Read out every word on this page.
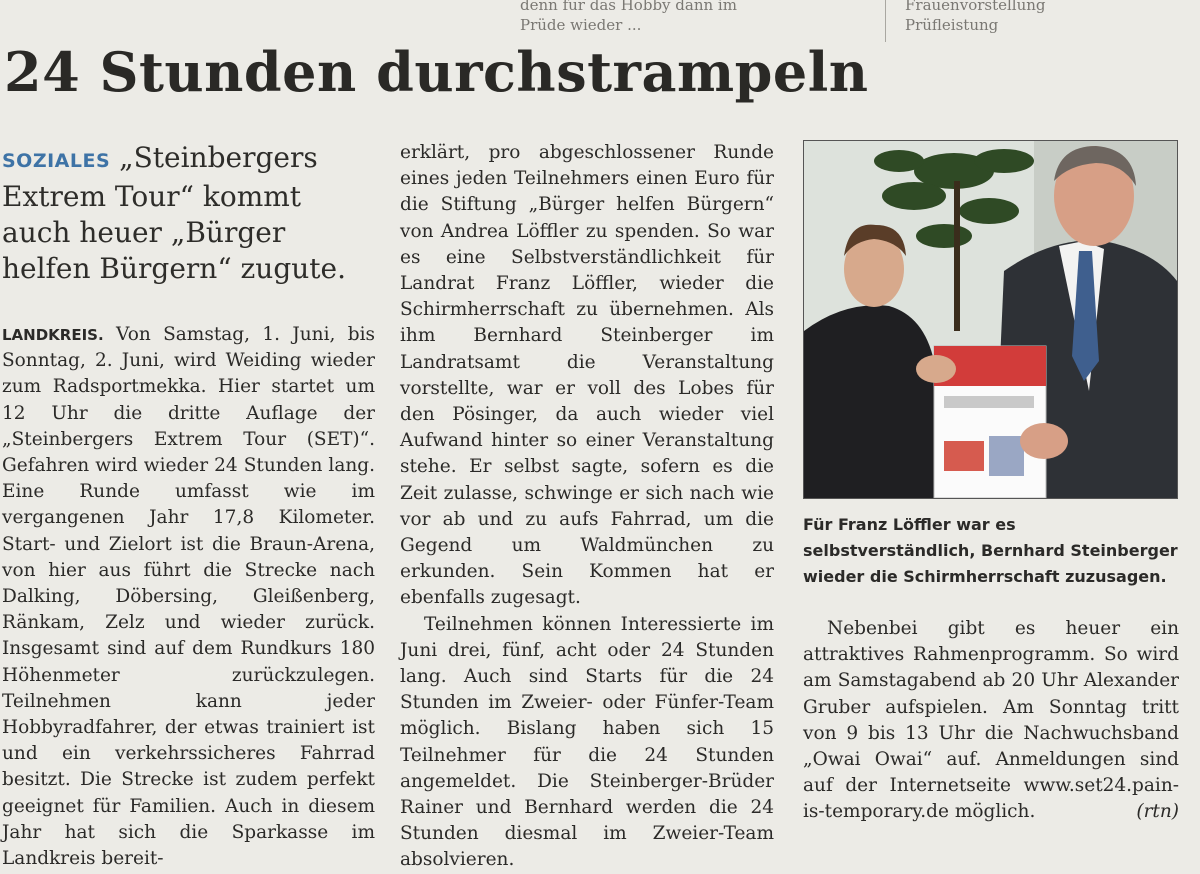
denn für das Hobby dann im
Prüde wieder ...
Frauenvorstellung
Prüfleistung
24 Stunden durchstrampeln
SOZIALES „Steinbergers Extrem Tour“ kommt auch heuer „Bürger helfen Bürgern“ zugute.

LANDKREIS. Von Samstag, 1. Juni, bis Sonntag, 2. Juni, wird Weiding wieder zum Radsportmekka. Hier startet um 12 Uhr die dritte Auflage der „Steinbergers Extrem Tour (SET)“. Gefahren wird wieder 24 Stunden lang. Eine Runde umfasst wie im vergangenen Jahr 17,8 Kilometer. Start- und Zielort ist die Braun-Arena, von hier aus führt die Strecke nach Dalking, Döbersing, Gleißenberg, Ränkam, Zelz und wieder zurück. Insgesamt sind auf dem Rundkurs 180 Höhenmeter zurückzulegen. Teilnehmen kann jeder Hobbyradfahrer, der etwas trainiert ist und ein verkehrssicheres Fahrrad besitzt. Die Strecke ist zudem perfekt geeignet für Familien. Auch in diesem Jahr hat sich die Sparkasse im Landkreis bereit-

erklärt, pro abgeschlossener Runde eines jeden Teilnehmers einen Euro für die Stiftung „Bürger helfen Bürgern“ von Andrea Löffler zu spenden. So war es eine Selbstverständlichkeit für Landrat Franz Löffler, wieder die Schirmherrschaft zu übernehmen. Als ihm Bernhard Steinberger im Landratsamt die Veranstaltung vorstellte, war er voll des Lobes für den Pösinger, da auch wieder viel Aufwand hinter so einer Veranstaltung stehe. Er selbst sagte, sofern es die Zeit zulasse, schwinge er sich nach wie vor ab und zu aufs Fahrrad, um die Gegend um Waldmünchen zu erkunden. Sein Kommen hat er ebenfalls zugesagt.

Teilnehmen können Interessierte im Juni drei, fünf, acht oder 24 Stunden lang. Auch sind Starts für die 24 Stunden im Zweier- oder Fünfer-Team möglich. Bislang haben sich 15 Teilnehmer für die 24 Stunden angemeldet. Die Steinberger-Brüder Rainer und Bernhard werden die 24 Stunden diesmal im Zweier-Team absolvieren.

Für Franz Löffler war es selbstverständlich, Bernhard Steinberger wieder die Schirmherrschaft zuzusagen.

Nebenbei gibt es heuer ein attraktives Rahmenprogramm. So wird am Samstagabend ab 20 Uhr Alexander Gruber aufspielen. Am Sonntag tritt von 9 bis 13 Uhr die Nachwuchsband „Owai Owai“ auf. Anmeldungen sind auf der Internetseite www.set24.pain-is-temporary.de möglich.	(rtn)
